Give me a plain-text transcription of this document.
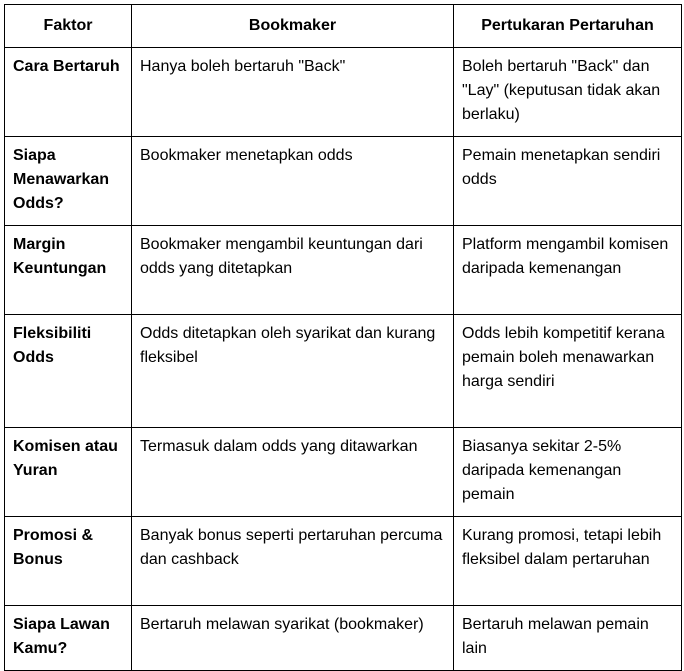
Faktor	Bookmaker	Pertukaran Pertaruhan
Cara Bertaruh	Hanya boleh bertaruh "Back"	Boleh bertaruh "Back" dan "Lay" (keputusan tidak akan berlaku)
Siapa Menawarkan Odds?	Bookmaker menetapkan odds	Pemain menetapkan sendiri odds
Margin Keuntungan	Bookmaker mengambil keuntungan dari odds yang ditetapkan	Platform mengambil komisen daripada kemenangan
Fleksibiliti Odds	Odds ditetapkan oleh syarikat dan kurang fleksibel	Odds lebih kompetitif kerana pemain boleh menawarkan harga sendiri
Komisen atau Yuran	Termasuk dalam odds yang ditawarkan	Biasanya sekitar 2-5% daripada kemenangan pemain
Promosi & Bonus	Banyak bonus seperti pertaruhan percuma dan cashback	Kurang promosi, tetapi lebih fleksibel dalam pertaruhan
Siapa Lawan Kamu?	Bertaruh melawan syarikat (bookmaker)	Bertaruh melawan pemain lain
